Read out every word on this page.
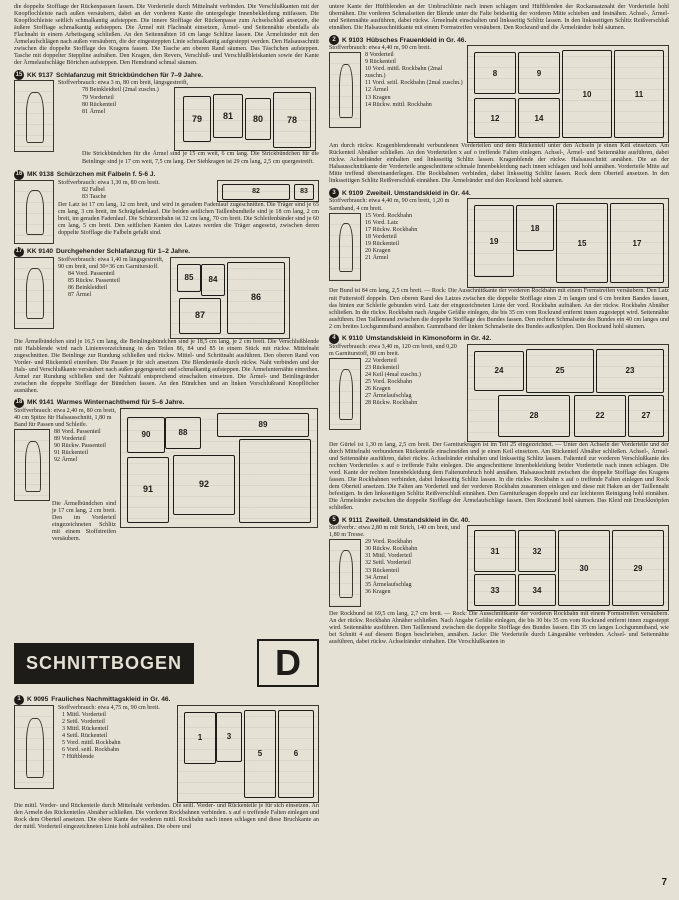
die doppelte Stoffiage der Rückenpassen fassen. Die Vorderteile durch Mittelnaht verbinden. Die Verschlußkanten mit der Knopflochleiste nach außen versäubern, dabei an der vorderen Kante die untergelegte Innenbekleidung mitfassen. Die Knopflochleiste seitlich schmalkantig aufsteppen. Die innere Stoffiage der Rückenpasse zum Achselschluß ansetzen, die äußere Stoffiage schmalkantig aufsteppen. Die Ärmel mit Flachnaht einsetzen, Ärmel- und Seitennähte ebenfalls als Flachnaht in einem Arbeitsgang schließen. An den Seitennähten 18 cm lange Schlitze lassen. Die Ärmelränder mit den Ärmelaufschlägen nach außen versäubern, die der eingesteppten Linie schmalkantig aufgesteppt werden. Den Halsausschnitt zwischen die doppelte Stofflage des Kragens fassen. Die Tasche am oberen Rand säumen. Das Täschchen aufsteppen. Tasche mit doppelter Steppline aufnähen. Den Kragen, den Revers, Verschluß- und Verschlußbleiskanten sowie der Kante der Ärmelaufschläge Börtchen aufsteppen. Den Hemdrand schmal säumen.

15 KK 9137 Schlafanzug mit Strickbündchen für 7–9 Jahre.

Stoffverbrauch: etwa 3 m, 80 cm breit, längsgestreift,

78 Beinkleidteil (2mal zuschn.)
79 Vorderteil
80 Rückenteil
81 Ärmel
79	81	80	78

Die Strickbündchen für die Ärmel sind je 15 cm weit, 6 cm lang. Die Strickbündchen für die Beinlinge sind je 17 cm weit, 7,5 cm lang. Der Stehkragen ist 29 cm lang, 2,5 cm quergestreift.

16 MK 9138 Schürzchen mit Falbeln f. 5-6 J.

Stoffverbrauch: etwa 1,30 m, 80 cm breit.

82 Falbel
83 Tasche
82	83

Der Latz ist 17 cm lang, 12 cm breit, und wird in geradem Fadenlauf zugeschnitten. Die Träger sind je 65 cm lang, 3 cm breit, im Schrägfadenlauf. Die beiden seitlichen Taillenbundteile sind je 18 cm lang, 2 cm breit, im geraden Fadenlauf. Die Schürzenbahn ist 32 cm lang, 70 cm breit. Die Schleifenbänder sind je 60 cm lang, 5 cm breit. Den seitlichen Kanten des Latzes werden die Träger angesetzt, zwischen deren doppelte Stofflage die Falbeln gefaßt sind.

17 KK 9140 Durchgehender Schlafanzug für 1–2 Jahre.

Stoffverbrauch: etwa 1,40 m längsgestreift, 90 cm breit, und 30×36 cm Garniturstoff.

84 Vord. Passenteil
85 Rückw. Passenteil
86 Beinkleidteil
87 Ärmel
85	84
86
87

Die Ärmelbündchen sind je 16,5 cm lang, die Beinlingsbündchen sind je 18,5 cm lang, je 2 cm breit. Die Verschlußblende mit Halsblende wird nach Linienvorzeichnung in den Teilen 86, 84 und 85 in einem Stück mit rückw. Mittelnaht zugeschnitten. Die Beinlinge zur Rundung schließen und rückw. Mittel- und Schrittnaht ausführen. Den oberen Rand von Vorder- und Rückenteil einreihen. Die Passen je für sich ansetzen. Die Blendenteile durch rückw. Naht verbinden und der Hals- und Verschlußkante versäubert nach außen gegengesetzt und schmalkantig aufsteppen. Die Ärmelunternähte einreihen. Ärmel zur Rundung schließen und der Nahtzahl entsprechend einschalten einsetzen. Die Ärmel- und Beinlingränder zwischen die doppelte Stofflage der Bündchen fassen. An den Bündchen und an linken Vorschlußrand Knopflöcher ausnähen.

18 MK 9141 Warmes Winternachthemd für 5–6 Jahre.

Stoffverbrauch: etwa 2,40 m, 80 cm breit, 40 cm Spitze für Halsausschnitt, 1,80 m Band für Passen und Schleife.

88 Vord. Passenteil
89 Vorderteil
90 Rückw. Passenteil
91 Rückenteil
92 Ärmel

Die Ärmelbündchen sind je 17 cm lang, 2 cm breit. Den im Vorderteil eingezeichneten Schlitz mit einem Stoffstreifen versäubern.

90	88
89
91	92
SCHNITTBOGEN	D
1 K 9095 Frauliches Nachmittagskleid in Gr. 46.

Stoffverbrauch: etwa 4,75 m, 90 cm breit.

1 Mittl. Vorderteil
2 Seitl. Vorderteil
3 Mittl. Rückenteil
4 Seitl. Rückenteil
5 Vord. mittl. Rockbahn
6 Vord. seitl. Rockbahn
7 Hüftblende
1	3
5	6

Die mittl. Vorder- und Rückenteile durch Mittelnaht verbinden. Die seitl. Vorder- und Rückenteile je für sich einsetzen. An den Armeln des Rückenteiles Abnäher schließen. Die vorderen Rockbahnen verbinden. x auf o treffende Falten einlegen und Rock dem Oberteil ansetzen. Die obere Kante der vorderen mittl. Rockbahn nach innen schlagen und diese Bruchkante an der mittl. Vorderteil eingezeichneten Linie hohl aufnähen. Die obere und

untere Kante der Hüftblenden an der Umbruchlinie nach innen schlagen und Hüftblenden der Rockansatznaht der Vorderteile hohl übernähen. Die vorderen Schmalseiten der Blende unter die Falte beidseitig der vorderen Mitte schieben und festnähen. Achsel-, Ärmel- und Seitennähte ausführen, dabei rückw. Ärmelnaht einschalten und linksseitig Schlitz lassen. In den linksseitigen Schlitz Reißverschluß einnähen. Die Halsausschnittkante mit einem Formstreifen versäubern. Den Rockrand und die Ärmelränder hohl säumen.

2 K 9103 Hübsches Frauenkleid in Gr. 46.

Stoffverbrauch: etwa 4,40 m, 90 cm breit.

8 Vorderteil
9 Rückenteil
10 Vord. mittl. Rockbahn (2mal zuschn.)
11 Vord. seitl. Rockbahn (2mal zuschn.)
12 Ärmel
13 Kragen
14 Rückw. mittl. Rockbahn
8	9
10	11
12	14

Am durch rückw. Kragenblendennaht verbundenen Vorderteilen und dem Rückenteil unter den Achseln je einen Keil einsetzen. Am Rückenteil Abnäher schließen. An den Vorderteilen x auf o treffende Falten einlegen. Achsel-, Ärmel- und Seitennähte ausführen, dabei rückw. Achselränder einhalten und linksseitig Schlitz lassen. Kragenblende der rückw. Halsausschnitt annähen. Die an der Halsausschnittkante der Vorderteile angeschnittene schmale Innenbekleidung nach innen schlagen und hohl annähen. Vorderteile Mitte auf Mitte treffend übereinanderlegen. Die Rockbahnen verbinden, dabei linksseitig Schlitz lassen. Rock dem Oberteil ansetzen. In den linksseitigen Schlitz Reißverschluß einnähen. Die Ärmelränder und den Rockrand hohl säumen.

3 K 9109 Zweiteil. Umstandskleid in Gr. 44.

Stoffverbrauch: etwa 4,40 m, 90 cm breit, 1,20 m Samtband, 4 cm breit.

15 Vord. Rockbahn
16 Vord. Latz
17 Rückw. Rockbahn
18 Vorderteil
19 Rückenteil
20 Kragen
21 Ärmel
19
18
15	17

Der Bund ist 84 cm lang, 2,5 cm breit. — Rock: Die Ausschnittkante der vorderen Rockbahn mit einem Formstreifen versäubern. Den Latz mit Futterstoff doppeln. Den oberen Rand des Latzes zwischen die doppelte Stofflage eines 2 m langen und 6 cm breiten Bandes fassen, das hinten zur Schleife gebunden wird. Latz der eingezeichneten Linie der vord. Rockbahn aufnähen. An der rückw. Rockbahn Abnäher schließen. In die rückw. Rockbahn nach Angabe Gefälte einlegen, die bis 35 cm vom Rockrand entfernt innen zugesteppt wird. Seitennähte ausführen. Den Taillenrand zwischen die doppelte Stofflage des Bundes fassen. Den rechten Schmalseite des Bundes ein 40 cm langes und 2 cm breites Lochgummiband annähen. Gummiband der linken Schmalseite des Bundes aufknöpfen. Den Rockrand hohl säumen.

4 K 9110 Umstandskleid in Kimonoform in Gr. 42.

Stoffverbrauch: etwa 3,40 m, 120 cm breit, und 0,20 m Garniturstoff, 80 cm breit.

22 Vorderteil
23 Rückenteil
24 Keil (4mal zuschn.)
25 Vord. Rockbahn
26 Kragen
27 Ärmelaufschlag
28 Rückw. Rockbahn
24	25	23
28	22	27

Der Gürtel ist 1,30 m lang, 2,5 cm breit. Der Garniturkragen ist im Teil 25 eingezeichnet. — Unter den Achseln der Vorderteile und der durch Mittelnaht verbundenen Rückenteile einschneiden und je einen Keil einsetzen. Am Rückenteil Abnäher schließen. Achsel-, Ärmel- und Seitennähte ausführen, dabei rückw. Achselränder einhalten und linksseitig Schlitz lassen. Faltenteil zur vorderen Verschlußkante des rechten Vorderteiles x auf o treffende Falte einlegen. Die angeschnittene Innenbekleidung beider Vorderteile nach innen schlagen. Die vord. Kante der rechten Innenbekleidung dem Faltenumbruch hohl annähen. Halsausschnitt zwischen die doppelte Stofflage des Kragens fassen. Die Rockbahnen verbinden, dabei linksseitig Schlitz lassen. In die rückw. Rockbahn x auf o treffende Falten einlegen und Rock dem Oberteil ansetzen. Die Falten am Vorderteil und der vorderen Rockbahn zusammen einlegen und diese mit Haken an der Taillennaht befestigen. In den linksseitigen Schlitz Reißverschluß einnähen. Den Garniturkragen doppeln und zur leichteren Reinigung hohl einnähen. Die Ärmelränder zwischen die doppelte Stofflage der Ärmelaufschläge fassen. Den Rockrand hohl säumen. Das Kleid mit Druckknöpfen schließen.

5 K 9111 Zweiteil. Umstandskleid in Gr. 40.

Stoffverbr.: etwa 2,80 m mit Strich, 140 cm breit, und 1,80 m Tresse.

29 Vord. Rockbahn
30 Rückw. Rockbahn
31 Mittl. Vorderteil
32 Seitl. Vorderteil
33 Rückenteil
34 Ärmel
35 Ärmelaufschlag
36 Kragen
31	32
30	29
33	34

Der Rockbund ist 69,5 cm lang, 2,7 cm breit. — Rock: Die Ausschnittkante der vorderen Rockbahn mit einem Formstreifen versäubern. An der rückw. Rockbahn Abnäher schließen. Nach Angabe Gefälte einlegen, die bis 30 bis 35 cm vom Rockrand entfernt innen zugesteppt wird. Seitennähte ausführen. Den Taillenrand zwischen die doppelte Stofflage des Bundes fassen. Ein 35 cm langes Lochgummiband, wie bei Schnitt 4 auf diesem Bogen beschrieben, annähen. Jacke: Die Vorderteile durch Längsnähte verbinden. Achsel- und Seitennähte ausführen, dabei rückw. Achselränder einhalten. Die Verschlußkanten in

7
